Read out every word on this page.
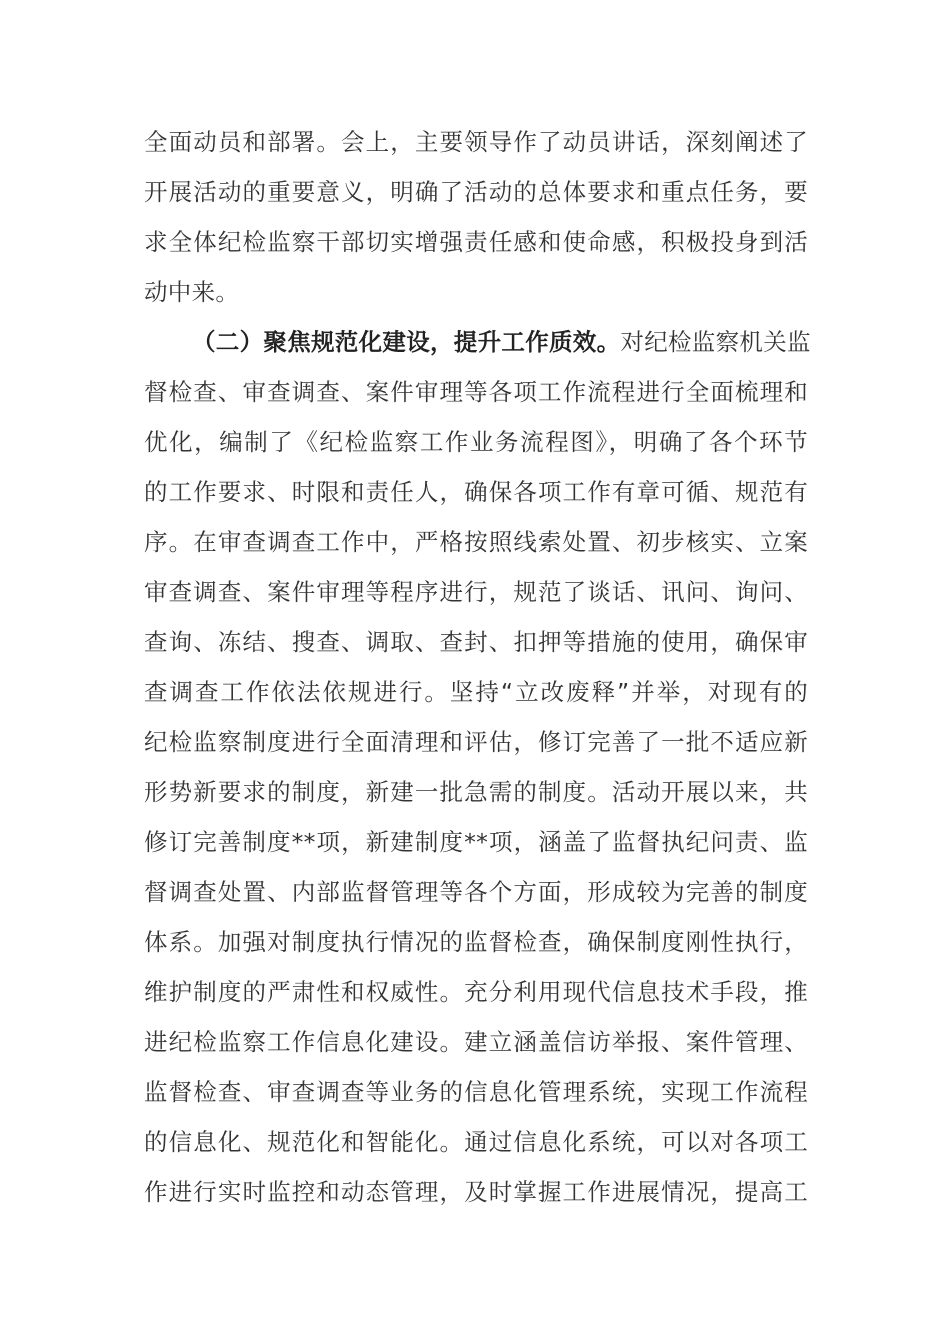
全面动员和部署。会上，主要领导作了动员讲话，深刻阐述了
开展活动的重要意义，明确了活动的总体要求和重点任务，要
求全体纪检监察干部切实增强责任感和使命感，积极投身到活
动中来。
（二）聚焦规范化建设，提升工作质效。对纪检监察机关监
督检查、审查调查、案件审理等各项工作流程进行全面梳理和
优化，编制了《纪检监察工作业务流程图》，明确了各个环节
的工作要求、时限和责任人，确保各项工作有章可循、规范有
序。在审查调查工作中，严格按照线索处置、初步核实、立案
审查调查、案件审理等程序进行，规范了谈话、讯问、询问、
查询、冻结、搜查、调取、查封、扣押等措施的使用，确保审
查调查工作依法依规进行。坚持“立改废释”并举，对现有的
纪检监察制度进行全面清理和评估，修订完善了一批不适应新
形势新要求的制度，新建一批急需的制度。活动开展以来，共
修订完善制度**项，新建制度**项，涵盖了监督执纪问责、监
督调查处置、内部监督管理等各个方面，形成较为完善的制度
体系。加强对制度执行情况的监督检查，确保制度刚性执行，
维护制度的严肃性和权威性。充分利用现代信息技术手段，推
进纪检监察工作信息化建设。建立涵盖信访举报、案件管理、
监督检查、审查调查等业务的信息化管理系统，实现工作流程
的信息化、规范化和智能化。通过信息化系统，可以对各项工
作进行实时监控和动态管理，及时掌握工作进展情况，提高工
